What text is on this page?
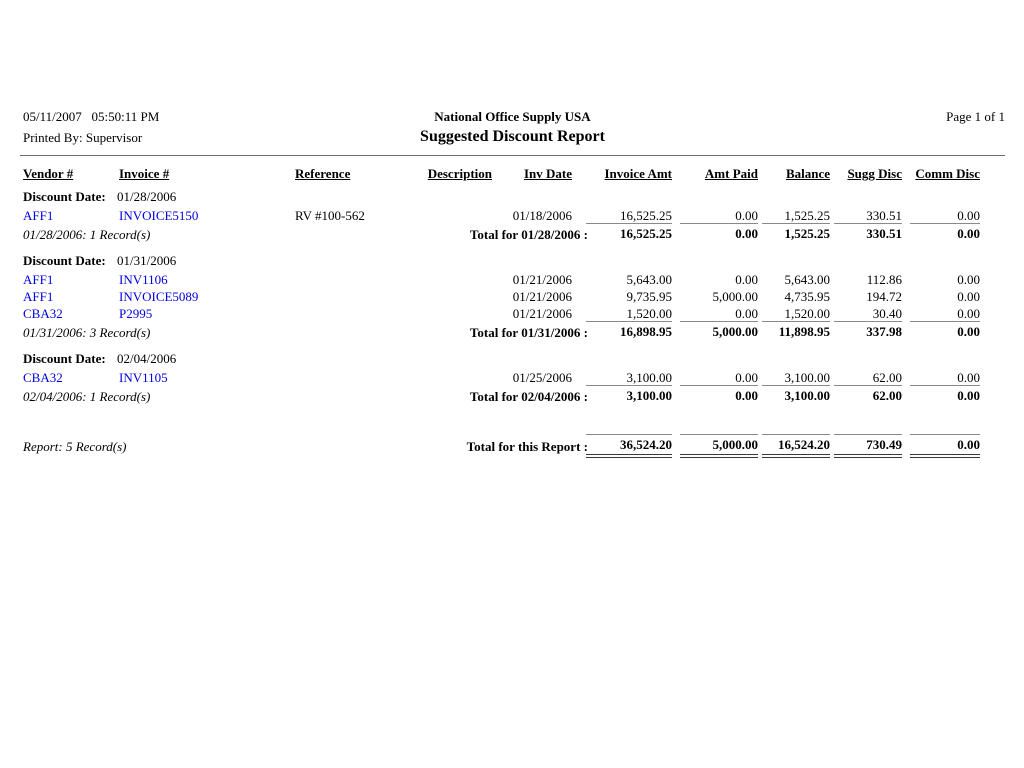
05/11/2007   05:50:11 PM	National Office Supply USA	Page 1 of 1
Printed By: Supervisor	Suggested Discount Report
Vendor #	Invoice #	Reference	Description	Inv Date	Invoice Amt	Amt Paid	Balance	Sugg Disc	Comm Disc
Discount Date: 01/28/2006
AFF1	INVOICE5150	RV #100-562	01/18/2006	16,525.25	0.00	1,525.25	330.51	0.00
01/28/2006: 1 Record(s)	Total for 01/28/2006 :	16,525.25	0.00	1,525.25	330.51	0.00
Discount Date: 01/31/2006
AFF1	INV1106	01/21/2006	5,643.00	0.00	5,643.00	112.86	0.00
AFF1	INVOICE5089	01/21/2006	9,735.95	5,000.00	4,735.95	194.72	0.00
CBA32	P2995	01/21/2006	1,520.00	0.00	1,520.00	30.40	0.00
01/31/2006: 3 Record(s)	Total for 01/31/2006 :	16,898.95	5,000.00	11,898.95	337.98	0.00
Discount Date: 02/04/2006
CBA32	INV1105	01/25/2006	3,100.00	0.00	3,100.00	62.00	0.00
02/04/2006: 1 Record(s)	Total for 02/04/2006 :	3,100.00	0.00	3,100.00	62.00	0.00
Report: 5 Record(s)	Total for this Report :	36,524.20	5,000.00	16,524.20	730.49	0.00
